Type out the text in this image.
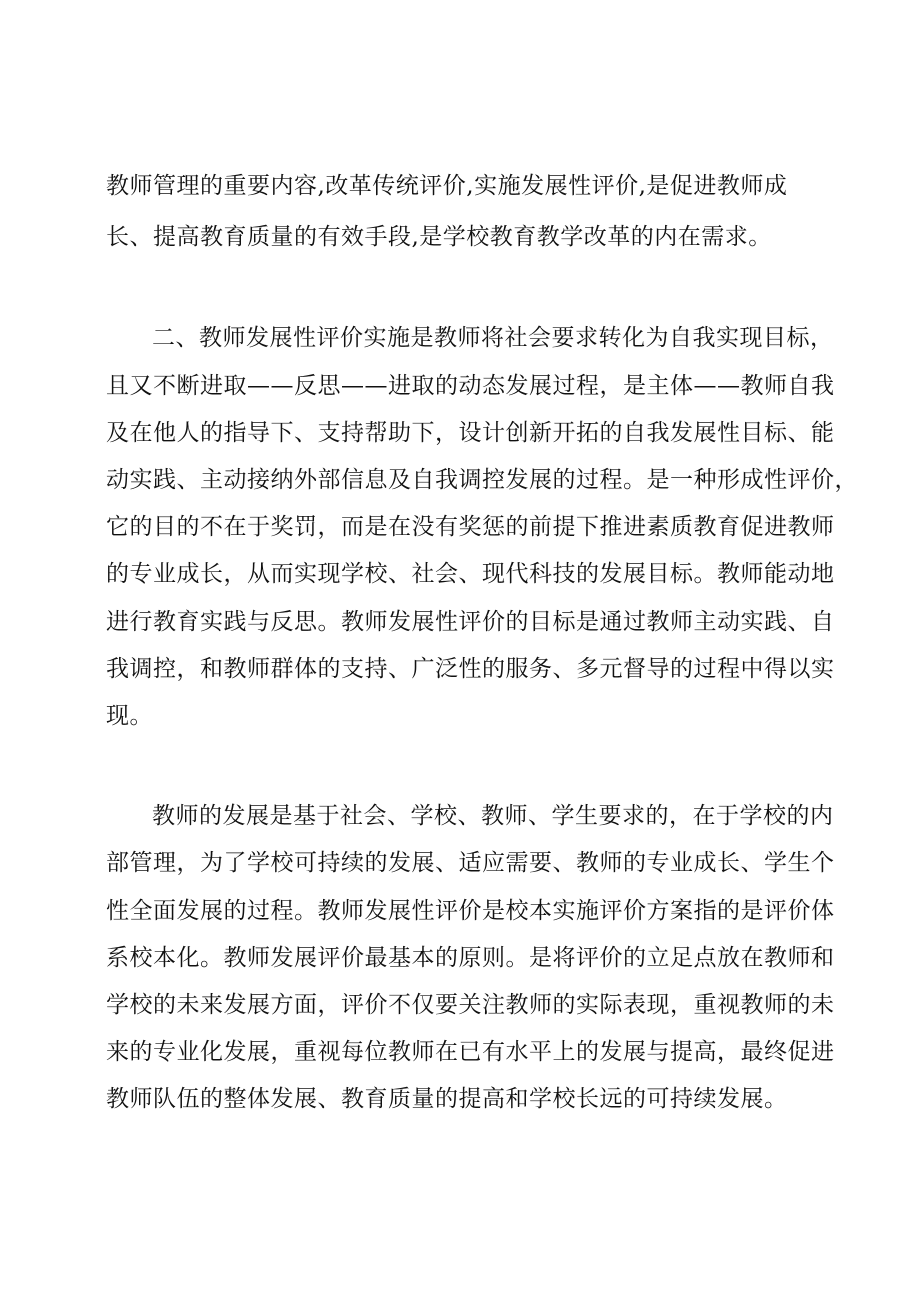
教师管理的重要内容,改革传统评价,实施发展性评价,是促进教师成
长、提高教育质量的有效手段,是学校教育教学改革的内在需求。
二、教师发展性评价实施是教师将社会要求转化为自我实现目标，
且又不断进取——反思——进取的动态发展过程，是主体——教师自我
及在他人的指导下、支持帮助下，设计创新开拓的自我发展性目标、能
动实践、主动接纳外部信息及自我调控发展的过程。是一种形成性评价，
它的目的不在于奖罚，而是在没有奖惩的前提下推进素质教育促进教师
的专业成长，从而实现学校、社会、现代科技的发展目标。教师能动地
进行教育实践与反思。教师发展性评价的目标是通过教师主动实践、自
我调控，和教师群体的支持、广泛性的服务、多元督导的过程中得以实
现。
教师的发展是基于社会、学校、教师、学生要求的，在于学校的内
部管理，为了学校可持续的发展、适应需要、教师的专业成长、学生个
性全面发展的过程。教师发展性评价是校本实施评价方案指的是评价体
系校本化。教师发展评价最基本的原则。是将评价的立足点放在教师和
学校的未来发展方面，评价不仅要关注教师的实际表现，重视教师的未
来的专业化发展，重视每位教师在已有水平上的发展与提高，最终促进
教师队伍的整体发展、教育质量的提高和学校长远的可持续发展。
